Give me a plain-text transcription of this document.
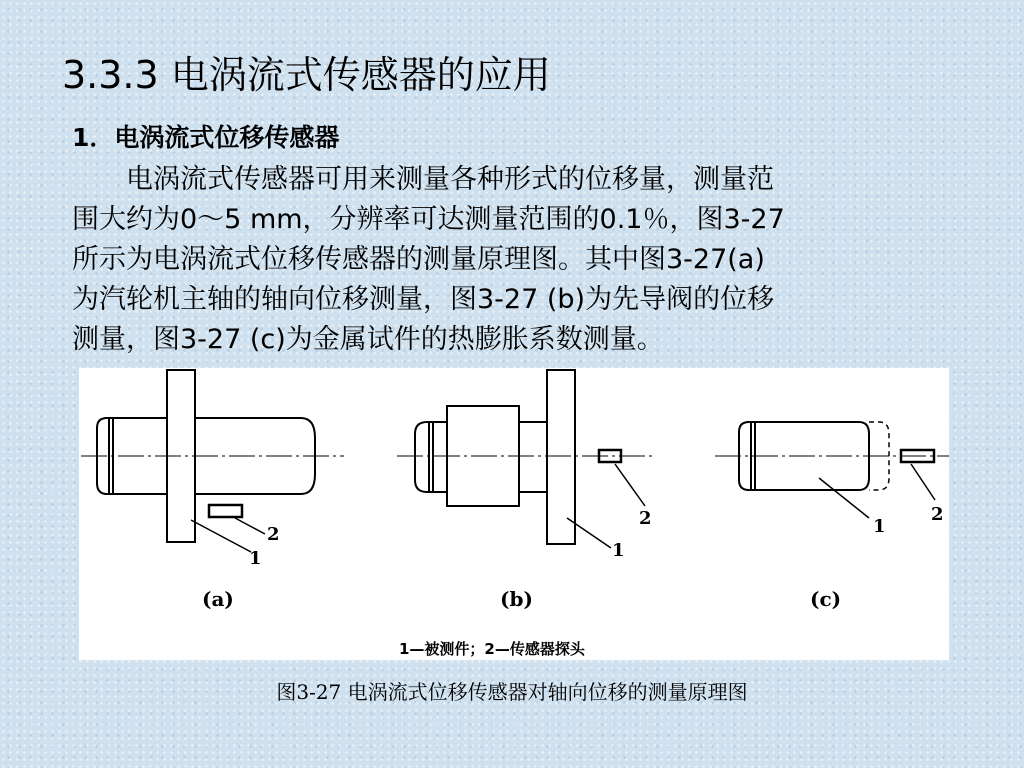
3.3.3 电涡流式传感器的应用
1．电涡流式位移传感器
　　电涡流式传感器可用来测量各种形式的位移量，测量范
围大约为0～5 mm，分辨率可达测量范围的0.1％，图3-27
所示为电涡流式位移传感器的测量原理图。其中图3-27(a)
为汽轮机主轴的轴向位移测量，图3-27 (b)为先导阀的位移
测量，图3-27 (c)为金属试件的热膨胀系数测量。
1
2
1
2	1
2
(a)	(b)	(c)
1—被测件；2—传感器探头
图3-27 电涡流式位移传感器对轴向位移的测量原理图
